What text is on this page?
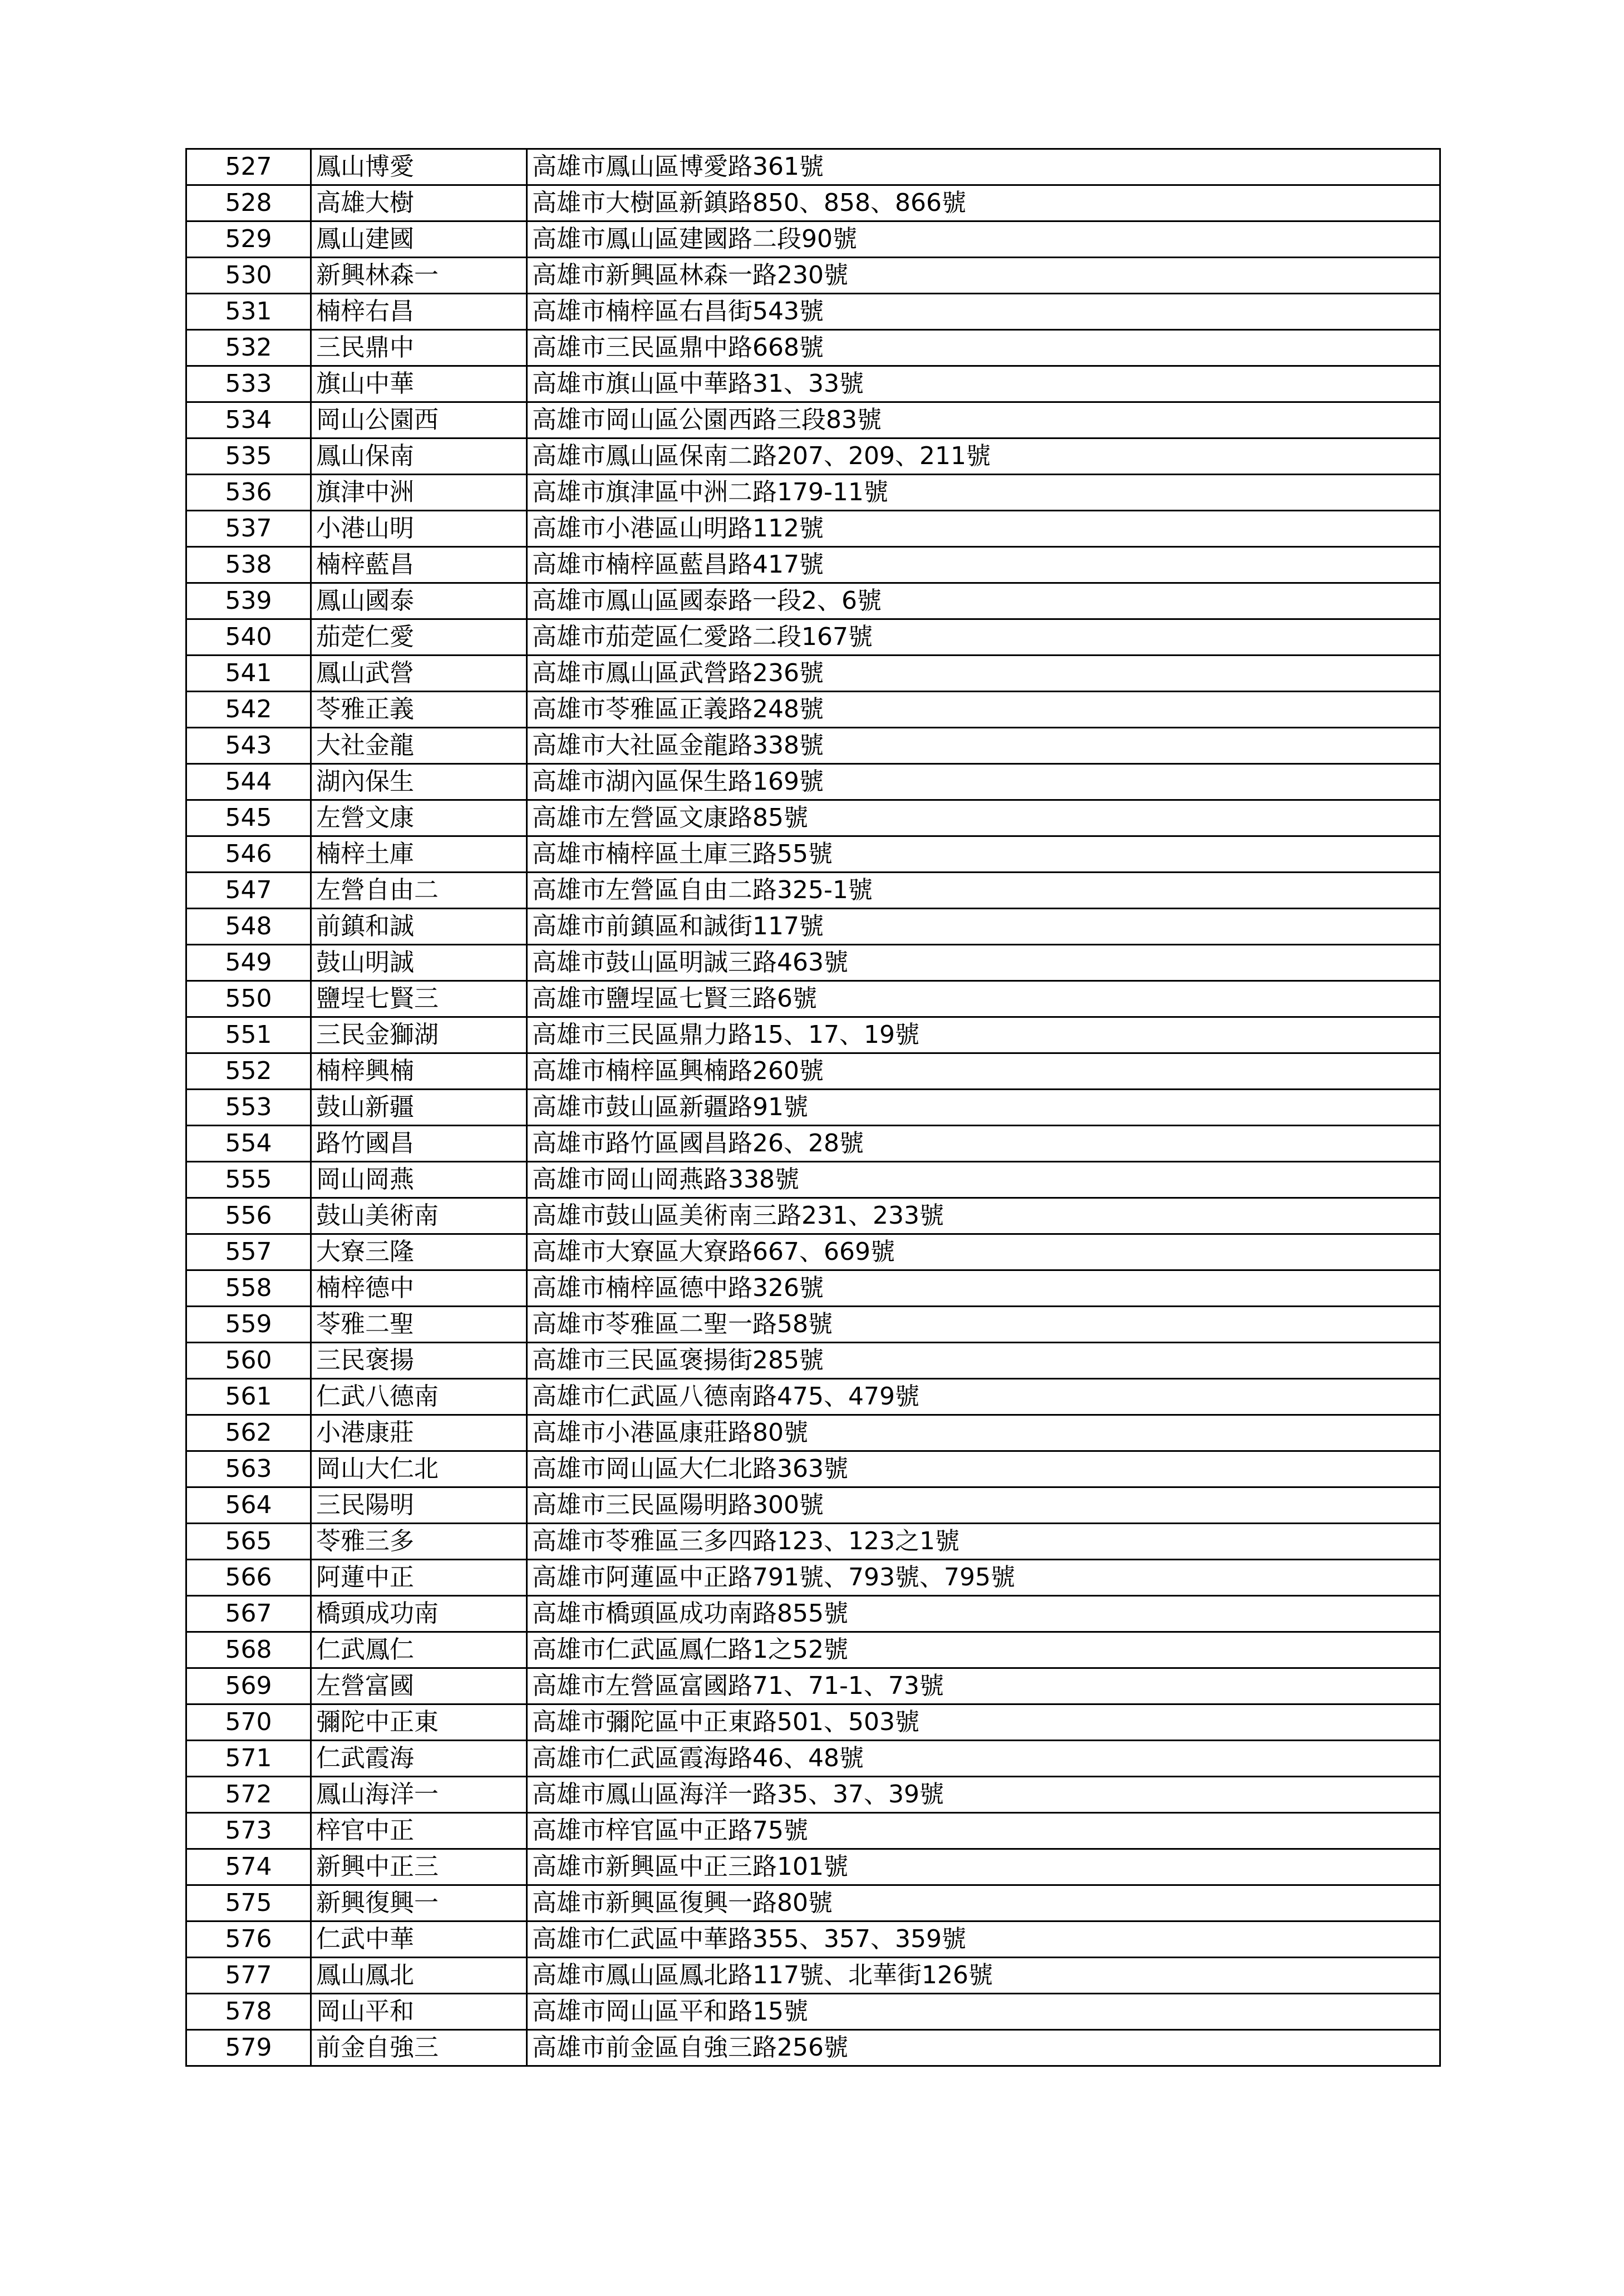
527	鳳山博愛	高雄市鳳山區博愛路361號
528	高雄大樹	高雄市大樹區新鎮路850、858、866號
529	鳳山建國	高雄市鳳山區建國路二段90號
530	新興林森一	高雄市新興區林森一路230號
531	楠梓右昌	高雄市楠梓區右昌街543號
532	三民鼎中	高雄市三民區鼎中路668號
533	旗山中華	高雄市旗山區中華路31、33號
534	岡山公園西	高雄市岡山區公園西路三段83號
535	鳳山保南	高雄市鳳山區保南二路207、209、211號
536	旗津中洲	高雄市旗津區中洲二路179-11號
537	小港山明	高雄市小港區山明路112號
538	楠梓藍昌	高雄市楠梓區藍昌路417號
539	鳳山國泰	高雄市鳳山區國泰路一段2、6號
540	茄萣仁愛	高雄市茄萣區仁愛路二段167號
541	鳳山武營	高雄市鳳山區武營路236號
542	苓雅正義	高雄市苓雅區正義路248號
543	大社金龍	高雄市大社區金龍路338號
544	湖內保生	高雄市湖內區保生路169號
545	左營文康	高雄市左營區文康路85號
546	楠梓土庫	高雄市楠梓區土庫三路55號
547	左營自由二	高雄市左營區自由二路325-1號
548	前鎮和誠	高雄市前鎮區和誠街117號
549	鼓山明誠	高雄市鼓山區明誠三路463號
550	鹽埕七賢三	高雄市鹽埕區七賢三路6號
551	三民金獅湖	高雄市三民區鼎力路15、17、19號
552	楠梓興楠	高雄市楠梓區興楠路260號
553	鼓山新疆	高雄市鼓山區新疆路91號
554	路竹國昌	高雄市路竹區國昌路26、28號
555	岡山岡燕	高雄市岡山岡燕路338號
556	鼓山美術南	高雄市鼓山區美術南三路231、233號
557	大寮三隆	高雄市大寮區大寮路667、669號
558	楠梓德中	高雄市楠梓區德中路326號
559	苓雅二聖	高雄市苓雅區二聖一路58號
560	三民褒揚	高雄市三民區褒揚街285號
561	仁武八德南	高雄市仁武區八德南路475、479號
562	小港康莊	高雄市小港區康莊路80號
563	岡山大仁北	高雄市岡山區大仁北路363號
564	三民陽明	高雄市三民區陽明路300號
565	苓雅三多	高雄市苓雅區三多四路123、123之1號
566	阿蓮中正	高雄市阿蓮區中正路791號、793號、795號
567	橋頭成功南	高雄市橋頭區成功南路855號
568	仁武鳳仁	高雄市仁武區鳳仁路1之52號
569	左營富國	高雄市左營區富國路71、71-1、73號
570	彌陀中正東	高雄市彌陀區中正東路501、503號
571	仁武霞海	高雄市仁武區霞海路46、48號
572	鳳山海洋一	高雄市鳳山區海洋一路35、37、39號
573	梓官中正	高雄市梓官區中正路75號
574	新興中正三	高雄市新興區中正三路101號
575	新興復興一	高雄市新興區復興一路80號
576	仁武中華	高雄市仁武區中華路355、357、359號
577	鳳山鳳北	高雄市鳳山區鳳北路117號、北華街126號
578	岡山平和	高雄市岡山區平和路15號
579	前金自強三	高雄市前金區自強三路256號
